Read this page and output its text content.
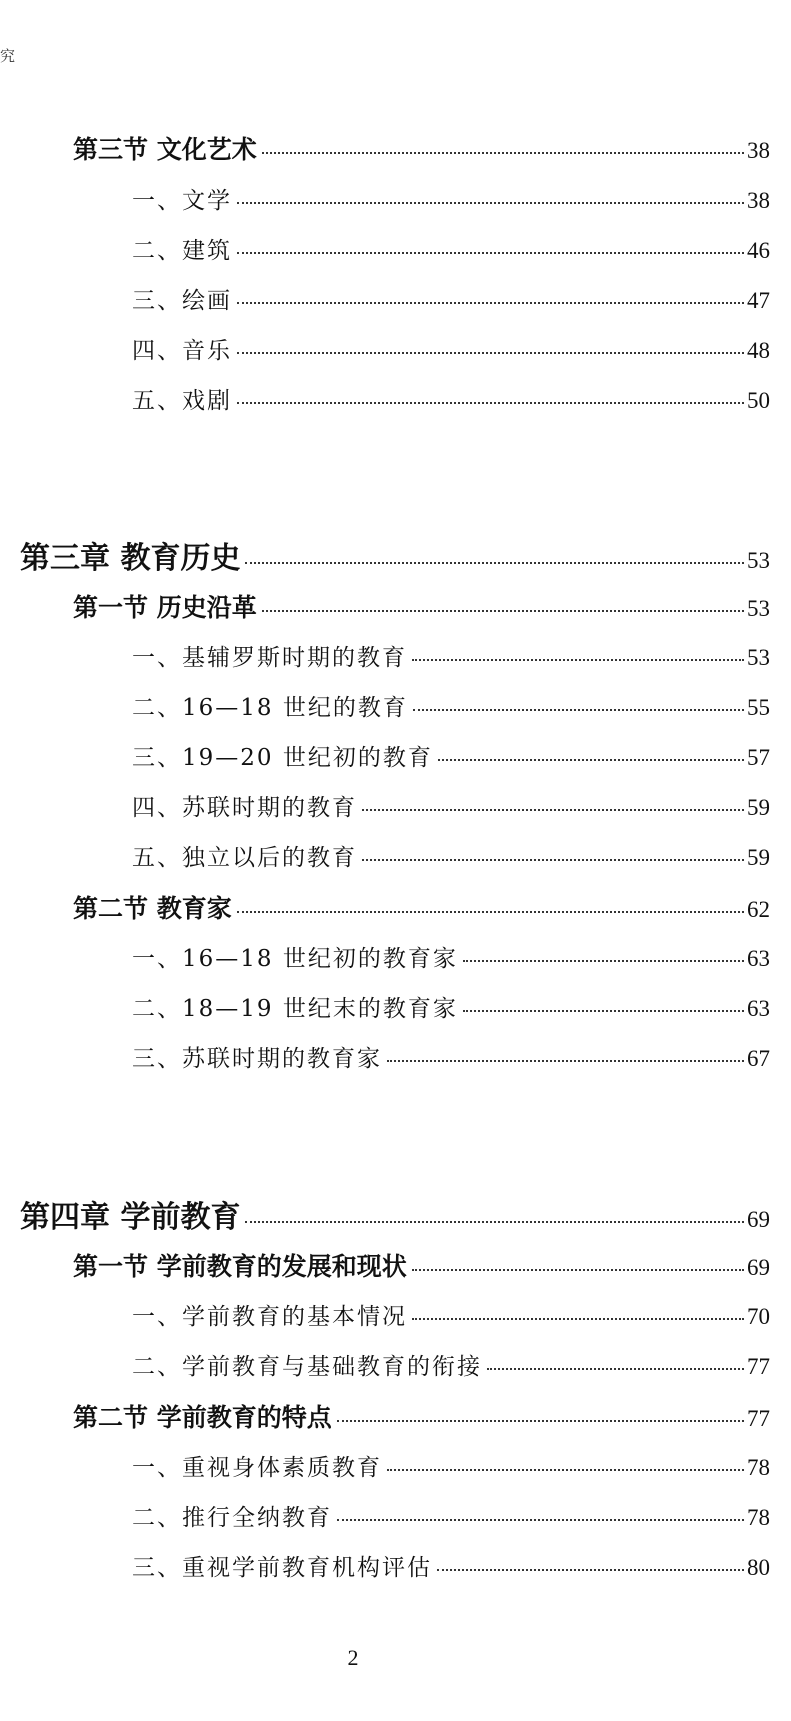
究
第三节 文化艺术	38
一、文学	38
二、建筑	46
三、绘画	47
四、音乐	48
五、戏剧	50
第三章 教育历史	53
第一节 历史沿革	53
一、基辅罗斯时期的教育	53
二、16—18 世纪的教育	55
三、19—20 世纪初的教育	57
四、苏联时期的教育	59
五、独立以后的教育	59
第二节 教育家	62
一、16—18 世纪初的教育家	63
二、18—19 世纪末的教育家	63
三、苏联时期的教育家	67
第四章 学前教育	69
第一节 学前教育的发展和现状	69
一、学前教育的基本情况	70
二、学前教育与基础教育的衔接	77
第二节 学前教育的特点	77
一、重视身体素质教育	78
二、推行全纳教育	78
三、重视学前教育机构评估	80
2
